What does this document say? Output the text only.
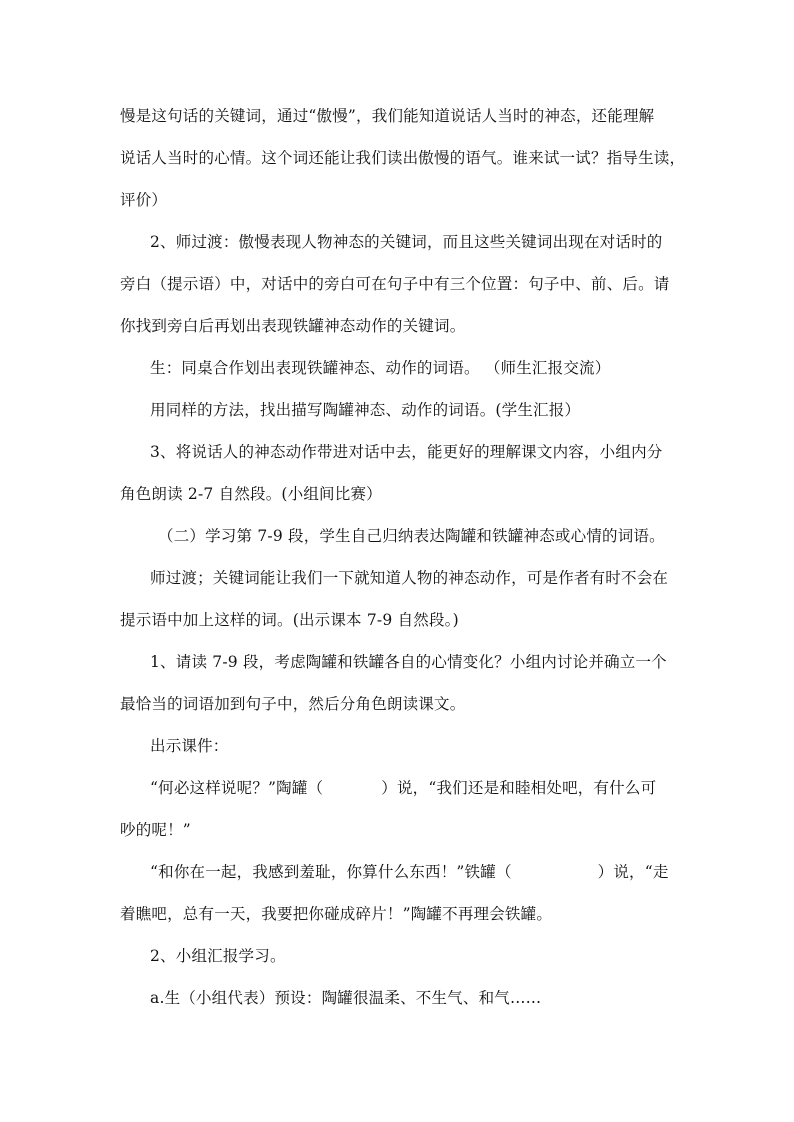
慢是这句话的关键词，通过“傲慢”，我们能知道说话人当时的神态，还能理解
说话人当时的心情。这个词还能让我们读出傲慢的语气。谁来试一试？指导生读，
评价）
2、师过渡：傲慢表现人物神态的关键词，而且这些关键词出现在对话时的
旁白（提示语）中，对话中的旁白可在句子中有三个位置：句子中、前、后。请
你找到旁白后再划出表现铁罐神态动作的关键词。
生：同桌合作划出表现铁罐神态、动作的词语。 （师生汇报交流）
用同样的方法，找出描写陶罐神态、动作的词语。(学生汇报）
3、将说话人的神态动作带进对话中去，能更好的理解课文内容，小组内分
角色朗读 2-7 自然段。(小组间比赛）
（二）学习第 7-9 段，学生自己归纳表达陶罐和铁罐神态或心情的词语。
师过渡；关键词能让我们一下就知道人物的神态动作，可是作者有时不会在
提示语中加上这样的词。(出示课本 7-9 自然段。)
1、请读 7-9 段，考虑陶罐和铁罐各自的心情变化？小组内讨论并确立一个
最恰当的词语加到句子中，然后分角色朗读课文。
出示课件：
“何必这样说呢？”陶罐（	）说，“我们还是和睦相处吧，有什么可
吵的呢！”
“和你在一起，我感到羞耻，你算什么东西！”铁罐（	）说，“走
着瞧吧，总有一天，我要把你碰成碎片！”陶罐不再理会铁罐。
2、小组汇报学习。
a.生（小组代表）预设：陶罐很温柔、不生气、和气……
